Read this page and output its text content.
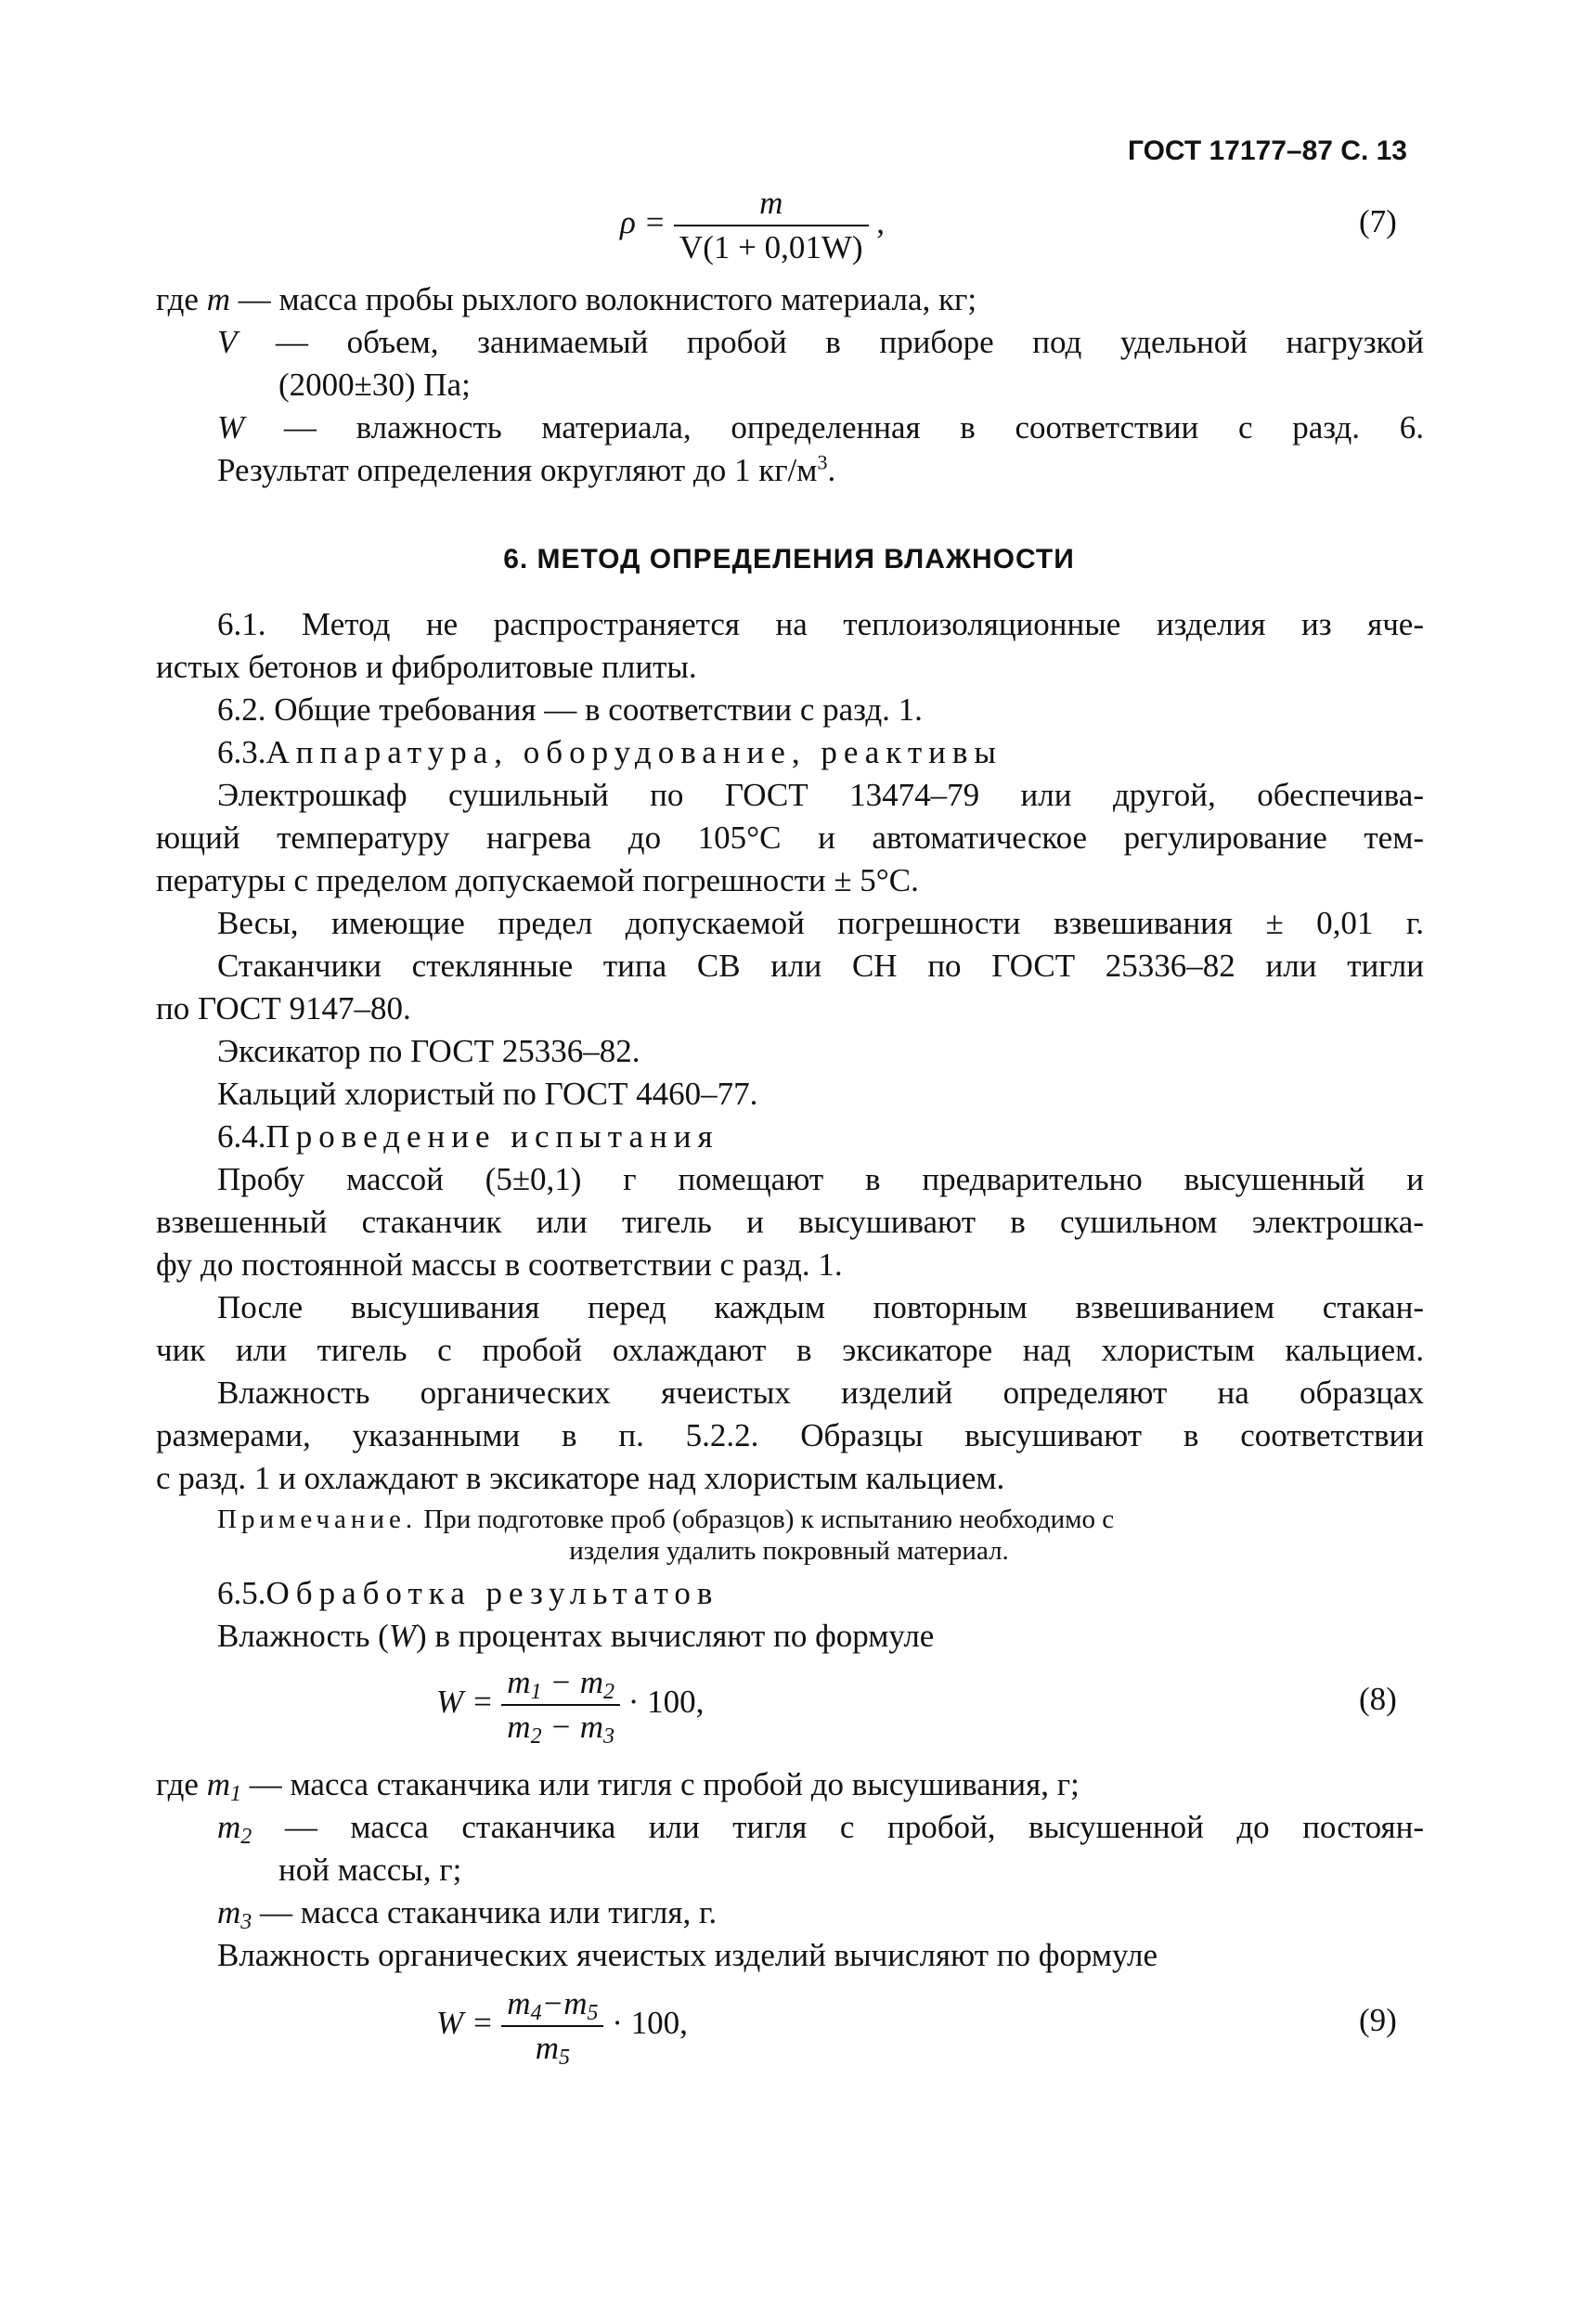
ГОСТ 17177–87 С. 13
$\rho = \frac{m}{V(1 + 0,01W)}$ ,	(7)
где m — масса пробы рыхлого волокнистого материала, кг;
V — объем, занимаемый пробой в приборе под удельной нагрузкой
(2000±30) Па;
W — влажность материала, определенная в соответствии с разд. 6.
Результат определения округляют до 1 $кг/м^3$.
6. МЕТОД ОПРЕДЕЛЕНИЯ ВЛАЖНОСТИ
6.1. Метод не распространяется на теплоизоляционные изделия из яче-
истых бетонов и фибролитовые плиты.
6.2. Общие требования — в соответствии с разд. 1.
6.3.Аппаратура, оборудование, реактивы
Электрошкаф сушильный по ГОСТ 13474–79 или другой, обеспечива-
ющий температуру нагрева до 105°С и автоматическое регулирование тем-
пературы с пределом допускаемой погрешности ± 5°С.
Весы, имеющие предел допускаемой погрешности взвешивания ± 0,01 г.
Стаканчики стеклянные типа СВ или СН по ГОСТ 25336–82 или тигли
по ГОСТ 9147–80.
Эксикатор по ГОСТ 25336–82.
Кальций хлористый по ГОСТ 4460–77.
6.4.Проведение испытания
Пробу массой (5±0,1) г помещают в предварительно высушенный и
взвешенный стаканчик или тигель и высушивают в сушильном электрошка-
фу до постоянной массы в соответствии с разд. 1.
После высушивания перед каждым повторным взвешиванием стакан-
чик или тигель с пробой охлаждают в эксикаторе над хлористым кальцием.
Влажность органических ячеистых изделий определяют на образцах
размерами, указанными в п. 5.2.2. Образцы высушивают в соответствии
с разд. 1 и охлаждают в эксикаторе над хлористым кальцием.
Примечание. При подготовке проб (образцов) к испытанию необходимо с
изделия удалить покровный материал.
6.5.Обработка результатов
Влажность (W) в процентах вычисляют по формуле
$W = \frac{m_1 - m_2}{m_2 - m_3} \cdot 100$,	(8)
где $m_1$ — масса стаканчика или тигля с пробой до высушивания, г;
$m_2$ — масса стаканчика или тигля с пробой, высушенной до постоян-
ной массы, г;
$m_3$ — масса стаканчика или тигля, г.
Влажность органических ячеистых изделий вычисляют по формуле
$W = \frac{m_4-m_5}{m_5} \cdot 100$,	(9)
